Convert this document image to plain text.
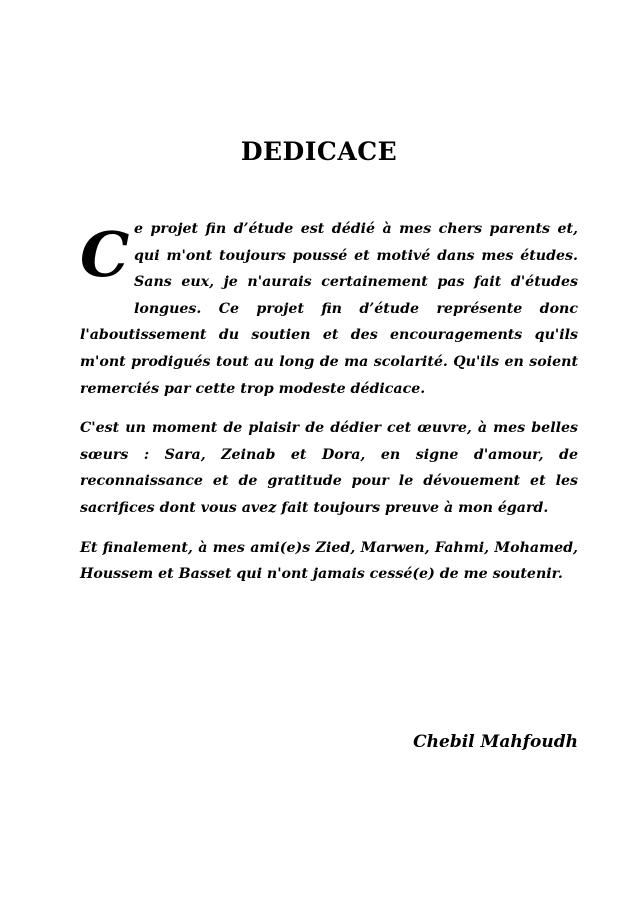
DEDICACE

Ce projet fin d’étude est dédié à mes chers parents et, qui m'ont toujours poussé et motivé dans mes études. Sans eux, je n'aurais certainement pas fait d'études longues. Ce projet fin d’étude représente donc l'aboutissement du soutien et des encouragements qu'ils m'ont prodigués tout au long de ma scolarité. Qu'ils en soient remerciés par cette trop modeste dédicace.

C'est un moment de plaisir de dédier cet œuvre, à mes belles sœurs : Sara, Zeinab et Dora, en signe d'amour, de reconnaissance et de gratitude pour le dévouement et les sacrifices dont vous avez fait toujours preuve à mon égard.

Et finalement, à mes ami(e)s Zied, Marwen, Fahmi, Mohamed, Houssem et Basset qui n'ont jamais cessé(e) de me soutenir.

Chebil Mahfoudh
